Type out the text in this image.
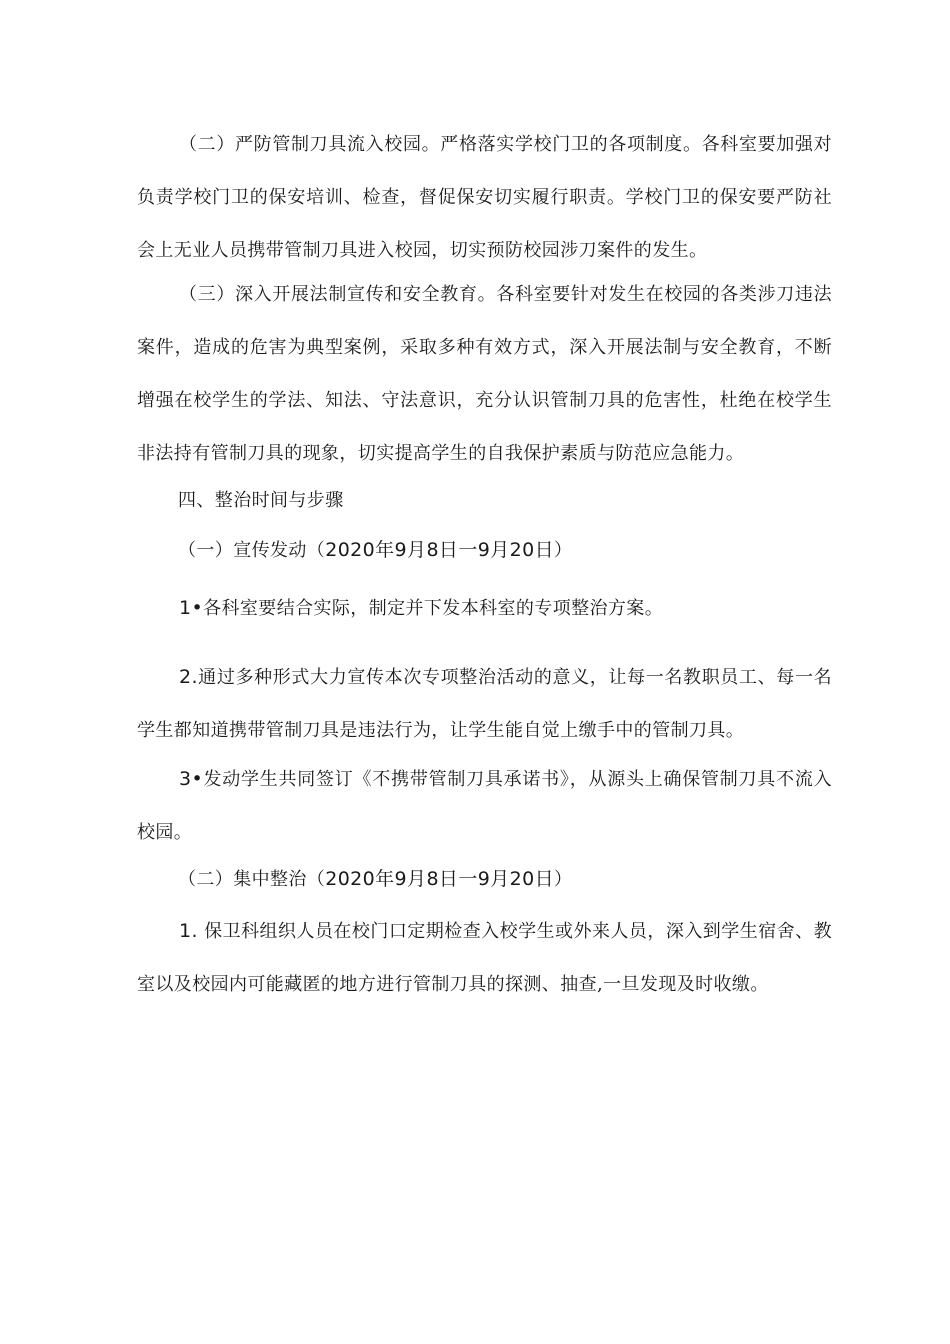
（二）严防管制刀具流入校园。严格落实学校门卫的各项制度。各科室要加强对负责学校门卫的保安培训、检查，督促保安切实履行职责。学校门卫的保安要严防社会上无业人员携带管制刀具进入校园，切实预防校园涉刀案件的发生。

（三）深入开展法制宣传和安全教育。各科室要针对发生在校园的各类涉刀违法案件，造成的危害为典型案例，采取多种有效方式，深入开展法制与安全教育，不断增强在校学生的学法、知法、守法意识，充分认识管制刀具的危害性，杜绝在校学生非法持有管制刀具的现象，切实提高学生的自我保护素质与防范应急能力。

四、整治时间与步骤

（一）宣传发动（2020年9月8日一9月20日）

1•各科室要结合实际，制定并下发本科室的专项整治方案。

2.通过多种形式大力宣传本次专项整治活动的意义，让每一名教职员工、每一名学生都知道携带管制刀具是违法行为，让学生能自觉上缴手中的管制刀具。

3•发动学生共同签订《不携带管制刀具承诺书》，从源头上确保管制刀具不流入校园。

（二）集中整治（2020年9月8日一9月20日）

1. 保卫科组织人员在校门口定期检查入校学生或外来人员，深入到学生宿舍、教室以及校园内可能藏匿的地方进行管制刀具的探测、抽查,一旦发现及时收缴。
